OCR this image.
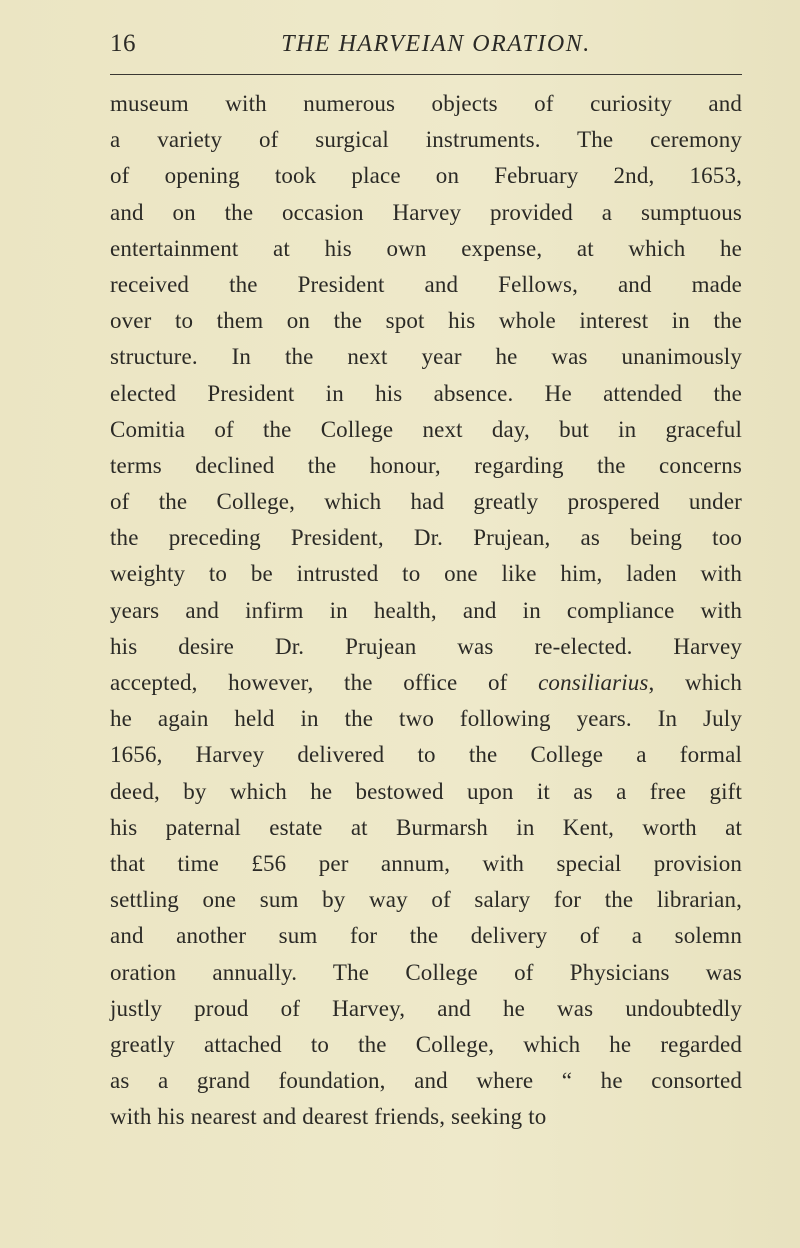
16	THE HARVEIAN ORATION.
museum with numerous objects of curiosity and
a variety of surgical instruments. The ceremony
of opening took place on February 2nd, 1653,
and on the occasion Harvey provided a sumptuous
entertainment at his own expense, at which he
received the President and Fellows, and made
over to them on the spot his whole interest in the
structure. In the next year he was unanimously
elected President in his absence. He attended the
Comitia of the College next day, but in graceful
terms declined the honour, regarding the concerns
of the College, which had greatly prospered under
the preceding President, Dr. Prujean, as being too
weighty to be intrusted to one like him, laden with
years and infirm in health, and in compliance with
his desire Dr. Prujean was re-elected. Harvey
accepted, however, the office of consiliarius, which
he again held in the two following years. In July
1656, Harvey delivered to the College a formal
deed, by which he bestowed upon it as a free gift
his paternal estate at Burmarsh in Kent, worth at
that time £56 per annum, with special provision
settling one sum by way of salary for the librarian,
and another sum for the delivery of a solemn
oration annually. The College of Physicians was
justly proud of Harvey, and he was undoubtedly
greatly attached to the College, which he regarded
as a grand foundation, and where “ he consorted
with his nearest and dearest friends, seeking to
